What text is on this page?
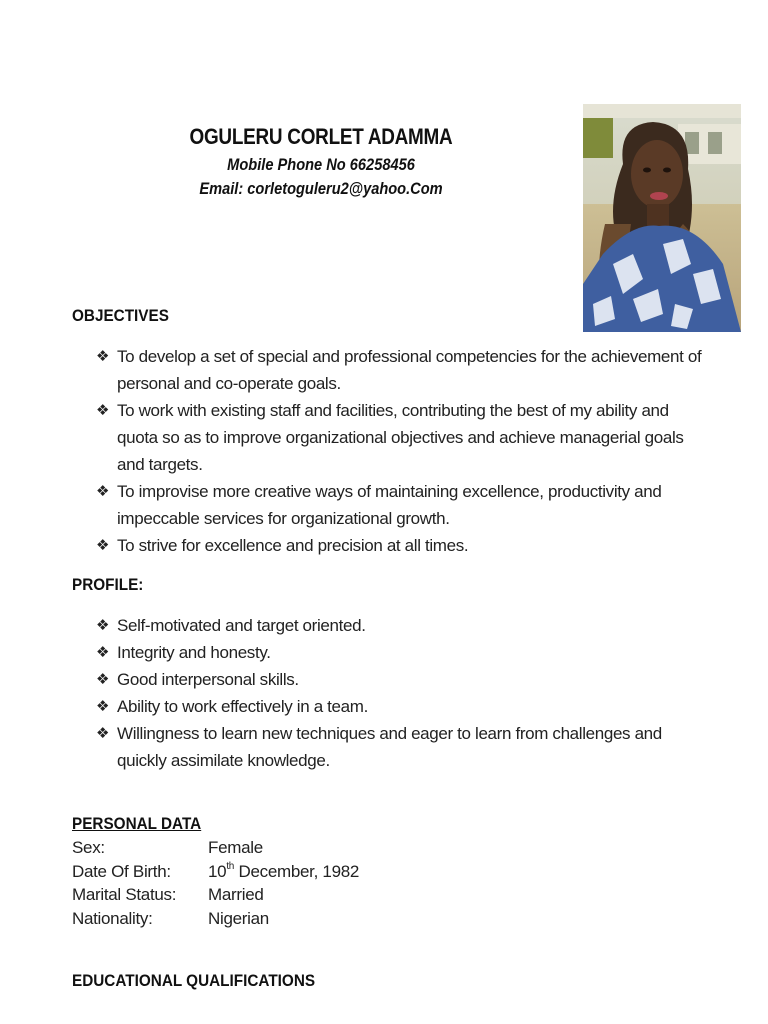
OGULERU CORLET ADAMMA
Mobile Phone No 66258456
Email: corletoguleru2@yahoo.Com
OBJECTIVES
❖ To develop a set of special and professional competencies for the achievement of personal and co-operate goals.
❖ To work with existing staff and facilities, contributing the best of my ability and quota so as to improve organizational objectives and achieve managerial goals and targets.
❖ To improvise more creative ways of maintaining excellence, productivity and impeccable services for organizational growth.
❖ To strive for excellence and precision at all times.
PROFILE:
❖ Self-motivated and target oriented.
❖ Integrity and honesty.
❖ Good interpersonal skills.
❖ Ability to work effectively in a team.
❖ Willingness to learn new techniques and eager to learn from challenges and quickly assimilate knowledge.
PERSONAL DATA
Sex:	Female
Date Of Birth:	10th December, 1982
Marital Status:	Married
Nationality:	Nigerian
EDUCATIONAL QUALIFICATIONS
